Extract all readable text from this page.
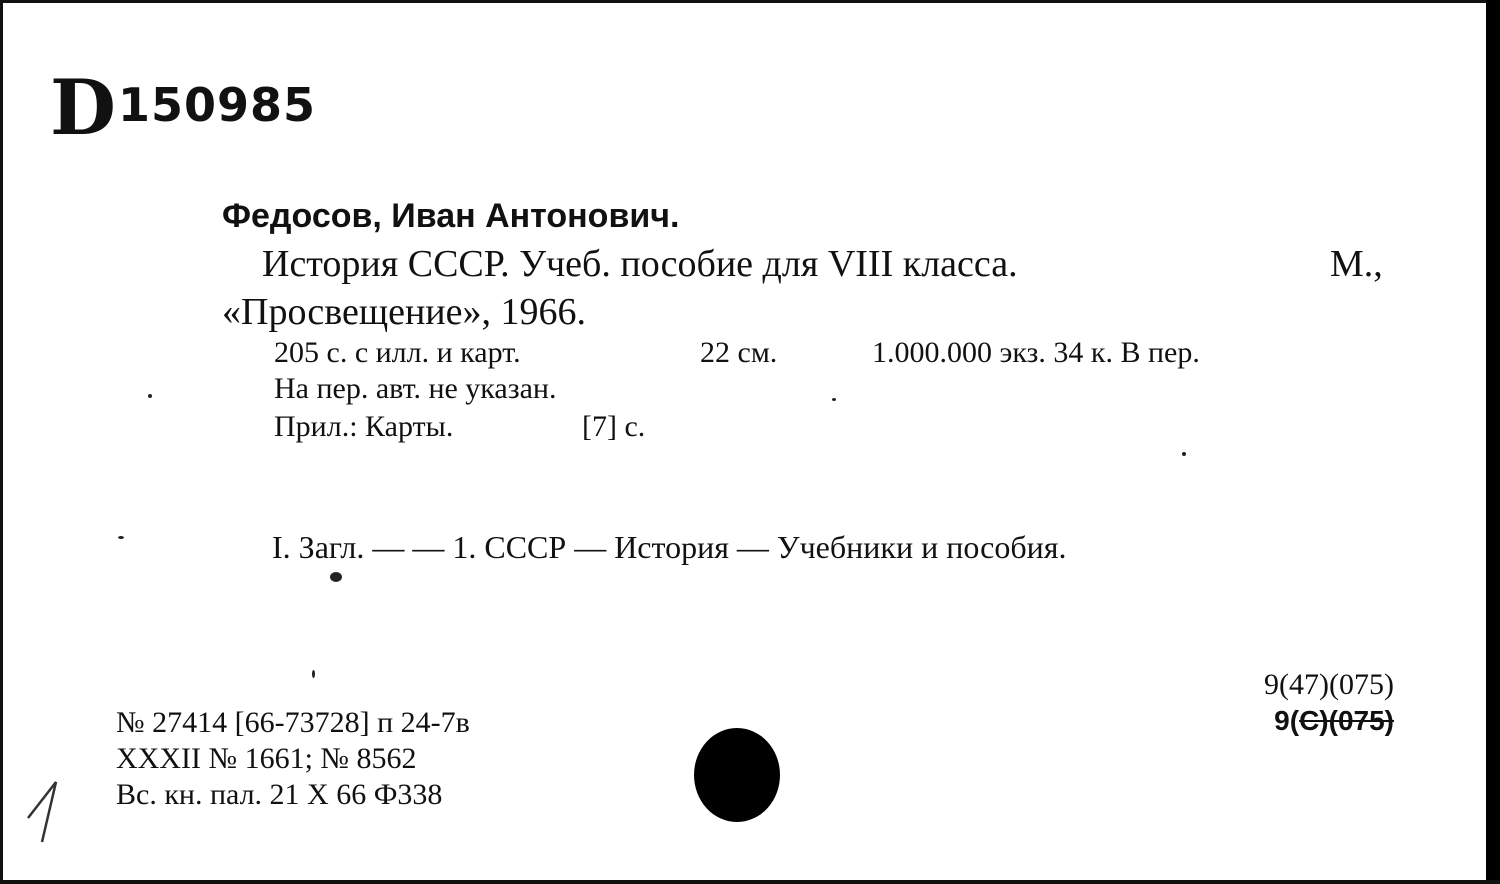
D 150985
Федосов, Иван Антонович.
История СССР. Учеб. пособие для VIII класса.	М.,
«Просвещение», 1966.
205 с. с илл. и карт.	22 см.	1.000.000 экз. 34 к. В пер.
На пер. авт. не указан.
Прил.: Карты.	[7] с.
I. Загл. — — 1. СССР — История — Учебники и пособия.
№ 27414 [66-73728] п 24-7в
XXXII № 1661; № 8562
Вс. кн. пал. 21 X 66 Ф338
9(47)(075)
9(С)(075)
